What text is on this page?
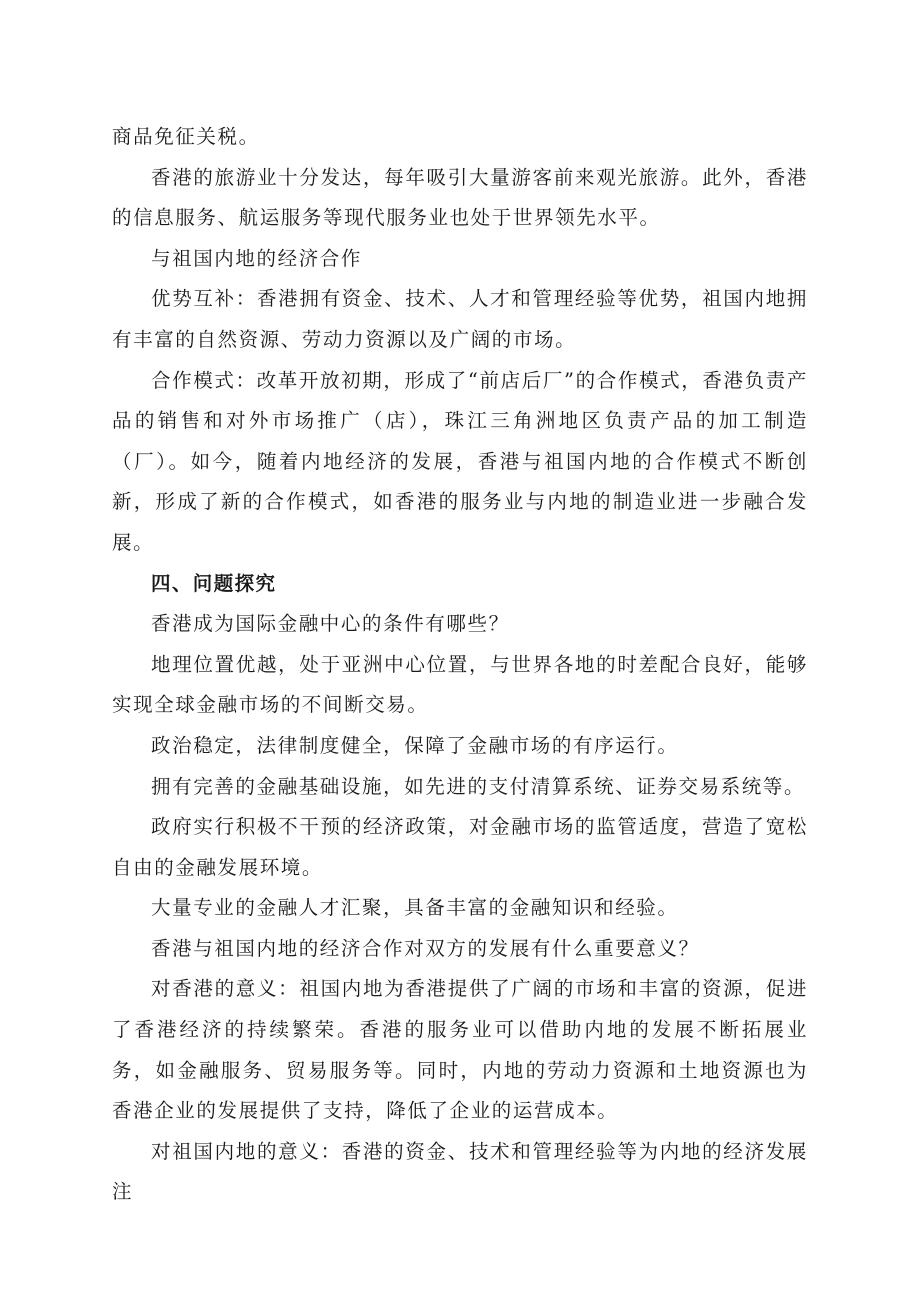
商品免征关税。

香港的旅游业十分发达，每年吸引大量游客前来观光旅游。此外，香港的信息服务、航运服务等现代服务业也处于世界领先水平。

与祖国内地的经济合作

优势互补：香港拥有资金、技术、人才和管理经验等优势，祖国内地拥有丰富的自然资源、劳动力资源以及广阔的市场。

合作模式：改革开放初期，形成了“前店后厂”的合作模式，香港负责产品的销售和对外市场推广（店），珠江三角洲地区负责产品的加工制造（厂）。如今，随着内地经济的发展，香港与祖国内地的合作模式不断创新，形成了新的合作模式，如香港的服务业与内地的制造业进一步融合发展。

四、问题探究

香港成为国际金融中心的条件有哪些？

地理位置优越，处于亚洲中心位置，与世界各地的时差配合良好，能够实现全球金融市场的不间断交易。

政治稳定，法律制度健全，保障了金融市场的有序运行。

拥有完善的金融基础设施，如先进的支付清算系统、证券交易系统等。

政府实行积极不干预的经济政策，对金融市场的监管适度，营造了宽松自由的金融发展环境。

大量专业的金融人才汇聚，具备丰富的金融知识和经验。

香港与祖国内地的经济合作对双方的发展有什么重要意义？

对香港的意义：祖国内地为香港提供了广阔的市场和丰富的资源，促进了香港经济的持续繁荣。香港的服务业可以借助内地的发展不断拓展业务，如金融服务、贸易服务等。同时，内地的劳动力资源和土地资源也为香港企业的发展提供了支持，降低了企业的运营成本。

对祖国内地的意义：香港的资金、技术和管理经验等为内地的经济发展注
